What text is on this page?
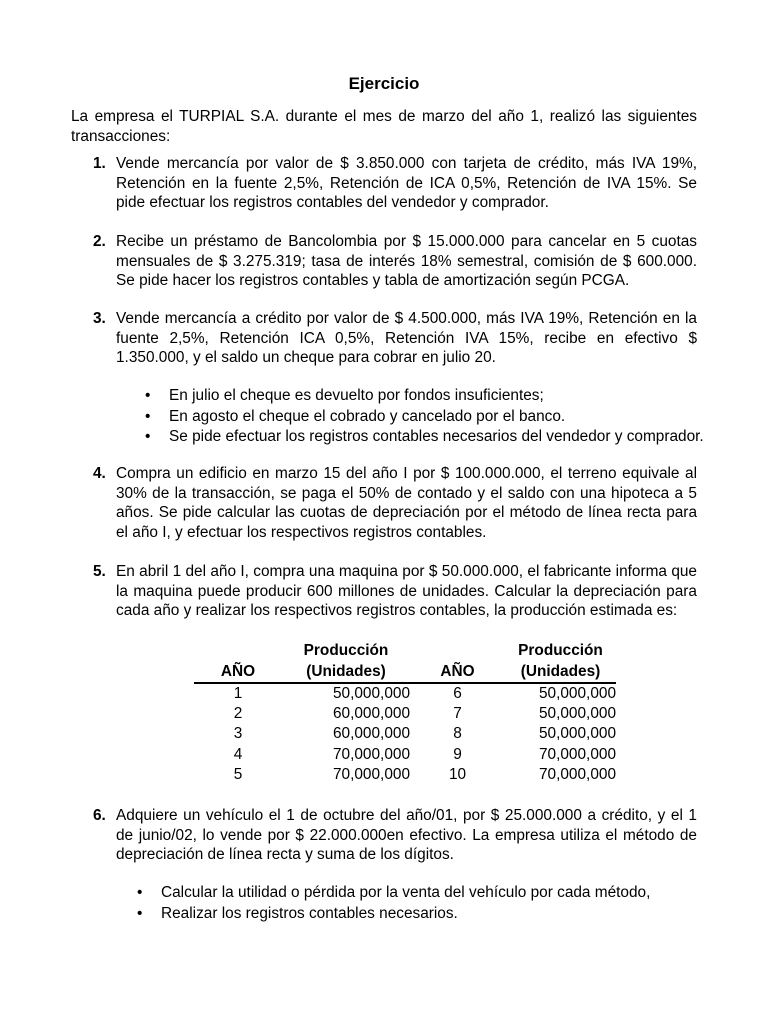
Ejercicio
La empresa el TURPIAL S.A. durante el mes de marzo del año 1, realizó las siguientes transacciones:
1. Vende mercancía por valor de $ 3.850.000 con tarjeta de crédito, más IVA 19%, Retención en la fuente 2,5%, Retención de ICA 0,5%, Retención de IVA 15%. Se pide efectuar los registros contables del vendedor y comprador.
2. Recibe un préstamo de Bancolombia por $ 15.000.000 para cancelar en 5 cuotas mensuales de $ 3.275.319; tasa de interés 18% semestral, comisión de $ 600.000. Se pide hacer los registros contables y tabla de amortización según PCGA.
3. Vende mercancía a crédito por valor de $ 4.500.000, más IVA 19%, Retención en la fuente 2,5%, Retención ICA 0,5%, Retención IVA 15%, recibe en efectivo $ 1.350.000, y el saldo un cheque para cobrar en julio 20.
• En julio el cheque es devuelto por fondos insuficientes;
• En agosto el cheque el cobrado y cancelado por el banco.
• Se pide efectuar los registros contables necesarios del vendedor y comprador.
4. Compra un edificio en marzo 15 del año I por $ 100.000.000, el terreno equivale al 30% de la transacción, se paga el 50% de contado y el saldo con una hipoteca a 5 años. Se pide calcular las cuotas de depreciación por el método de línea recta para el año I, y efectuar los respectivos registros contables.
5. En abril 1 del año I, compra una maquina por $ 50.000.000, el fabricante informa que la maquina puede producir 600 millones de unidades. Calcular la depreciación para cada año y realizar los respectivos registros contables, la producción estimada es:
	Producción		Producción
AÑO	(Unidades)	AÑO	(Unidades)
1	50,000,000	6	50,000,000
2	60,000,000	7	50,000,000
3	60,000,000	8	50,000,000
4	70,000,000	9	70,000,000
5	70,000,000	10	70,000,000
6. Adquiere un vehículo el 1 de octubre del año/01, por $ 25.000.000 a crédito, y el 1 de junio/02, lo vende por $ 22.000.000en efectivo. La empresa utiliza el método de depreciación de línea recta y suma de los dígitos.
• Calcular la utilidad o pérdida por la venta del vehículo por cada método,
• Realizar los registros contables necesarios.
